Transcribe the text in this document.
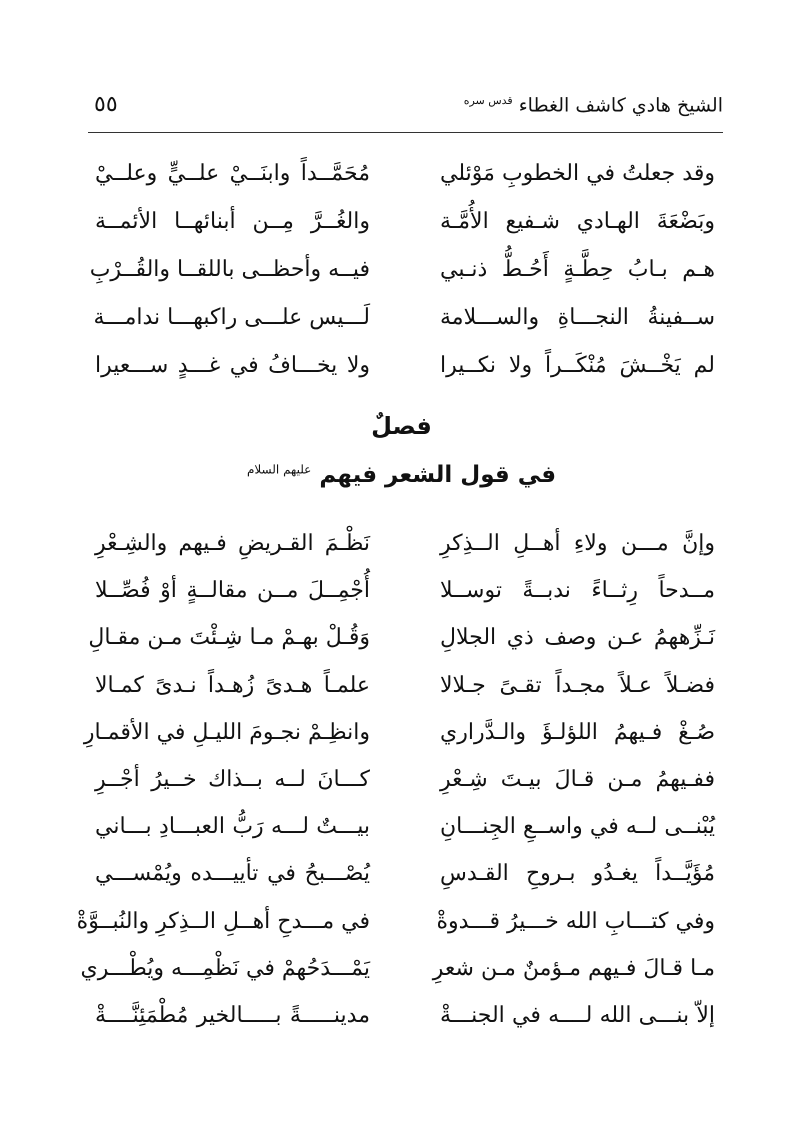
٥٥	الشيخ هادي كاشف الغطاء $^{قدس سره}$
وقد جعلتُ في الخطوبِ مَوْئلي
مُحَمَّــداً وابنَــيْ علــيٍّ وعلــيْ
وبَضْعَةَ الهـادي شـفيع الأُمَّـة
والغُــرَّ مِــن أبنائهــا الأئمــة
هـم بـابُ حِطَّـةٍ أَحُـطُّ ذنـبي
فيــه وأحظــى باللقــا والقُــرْبِ
ســفينةُ النجـــاةِ والســـلامة
لَـــيس علـــى راكبهـــا ندامـــة
لم يَخْــشَ مُنْكَــراً ولا نكــيرا
ولا يخـــافُ في غـــدٍ ســـعيرا
فصلٌ
في قول الشعر فيهم $^{عليهم السلام}$
وإنَّ مـــن ولاءِ أهــلِ الــذِكرِ
نَظْـمَ القـريضِ فـيهم والشِـعْرِ
مــدحاً رِثــاءً ندبــةً توســلا
أُجْمِــلَ مــن مقالــةٍ أوْ فُصِّــلا
نَـزِّههمُ عـن وصف ذي الجلالِ
وَقُـلْ بهـمْ مـا شِـئْتَ مـن مقـالِ
فضـلاً عـلاً مجـداً تقـىً جـلالا
علمـاً هـدىً زُهـداً نـدىً كمـالا
صُـغْ فـيهمُ اللؤلـؤَ والـدَّراري
وانظِـمْ نجـومَ الليـلِ في الأقمـارِ
ففـيهمُ مـن قـالَ بيـتَ شِـعْرِ
كـــانَ لــه بــذاك خــيرُ أجْــرِ
يُبْنــى لــه في واســعِ الجِنـــانِ
بيـــتٌ لـــه رَبُّ العبـــادِ بـــاني
مُؤَيَّــداً يغـدُو بـروحِ القـدسِ
يُصْـــبحُ في تأييـــده ويُمْســـي
وفي كتـــابِ الله خـــيرُ قـــدوةْ
في مـــدحِ أهــلِ الــذِكرِ والنُبــوَّةْ
مـا قـالَ فـيهم مـؤمنٌ مـن شعرِ
يَمْـــدَحُهمْ في نَظْمِـــه ويُطْـــري
إلاّ بنـــى الله لــــه في الجنـــةْ
مدينـــــةً بـــــالخير مُطْمَئِنَّــــةْ
